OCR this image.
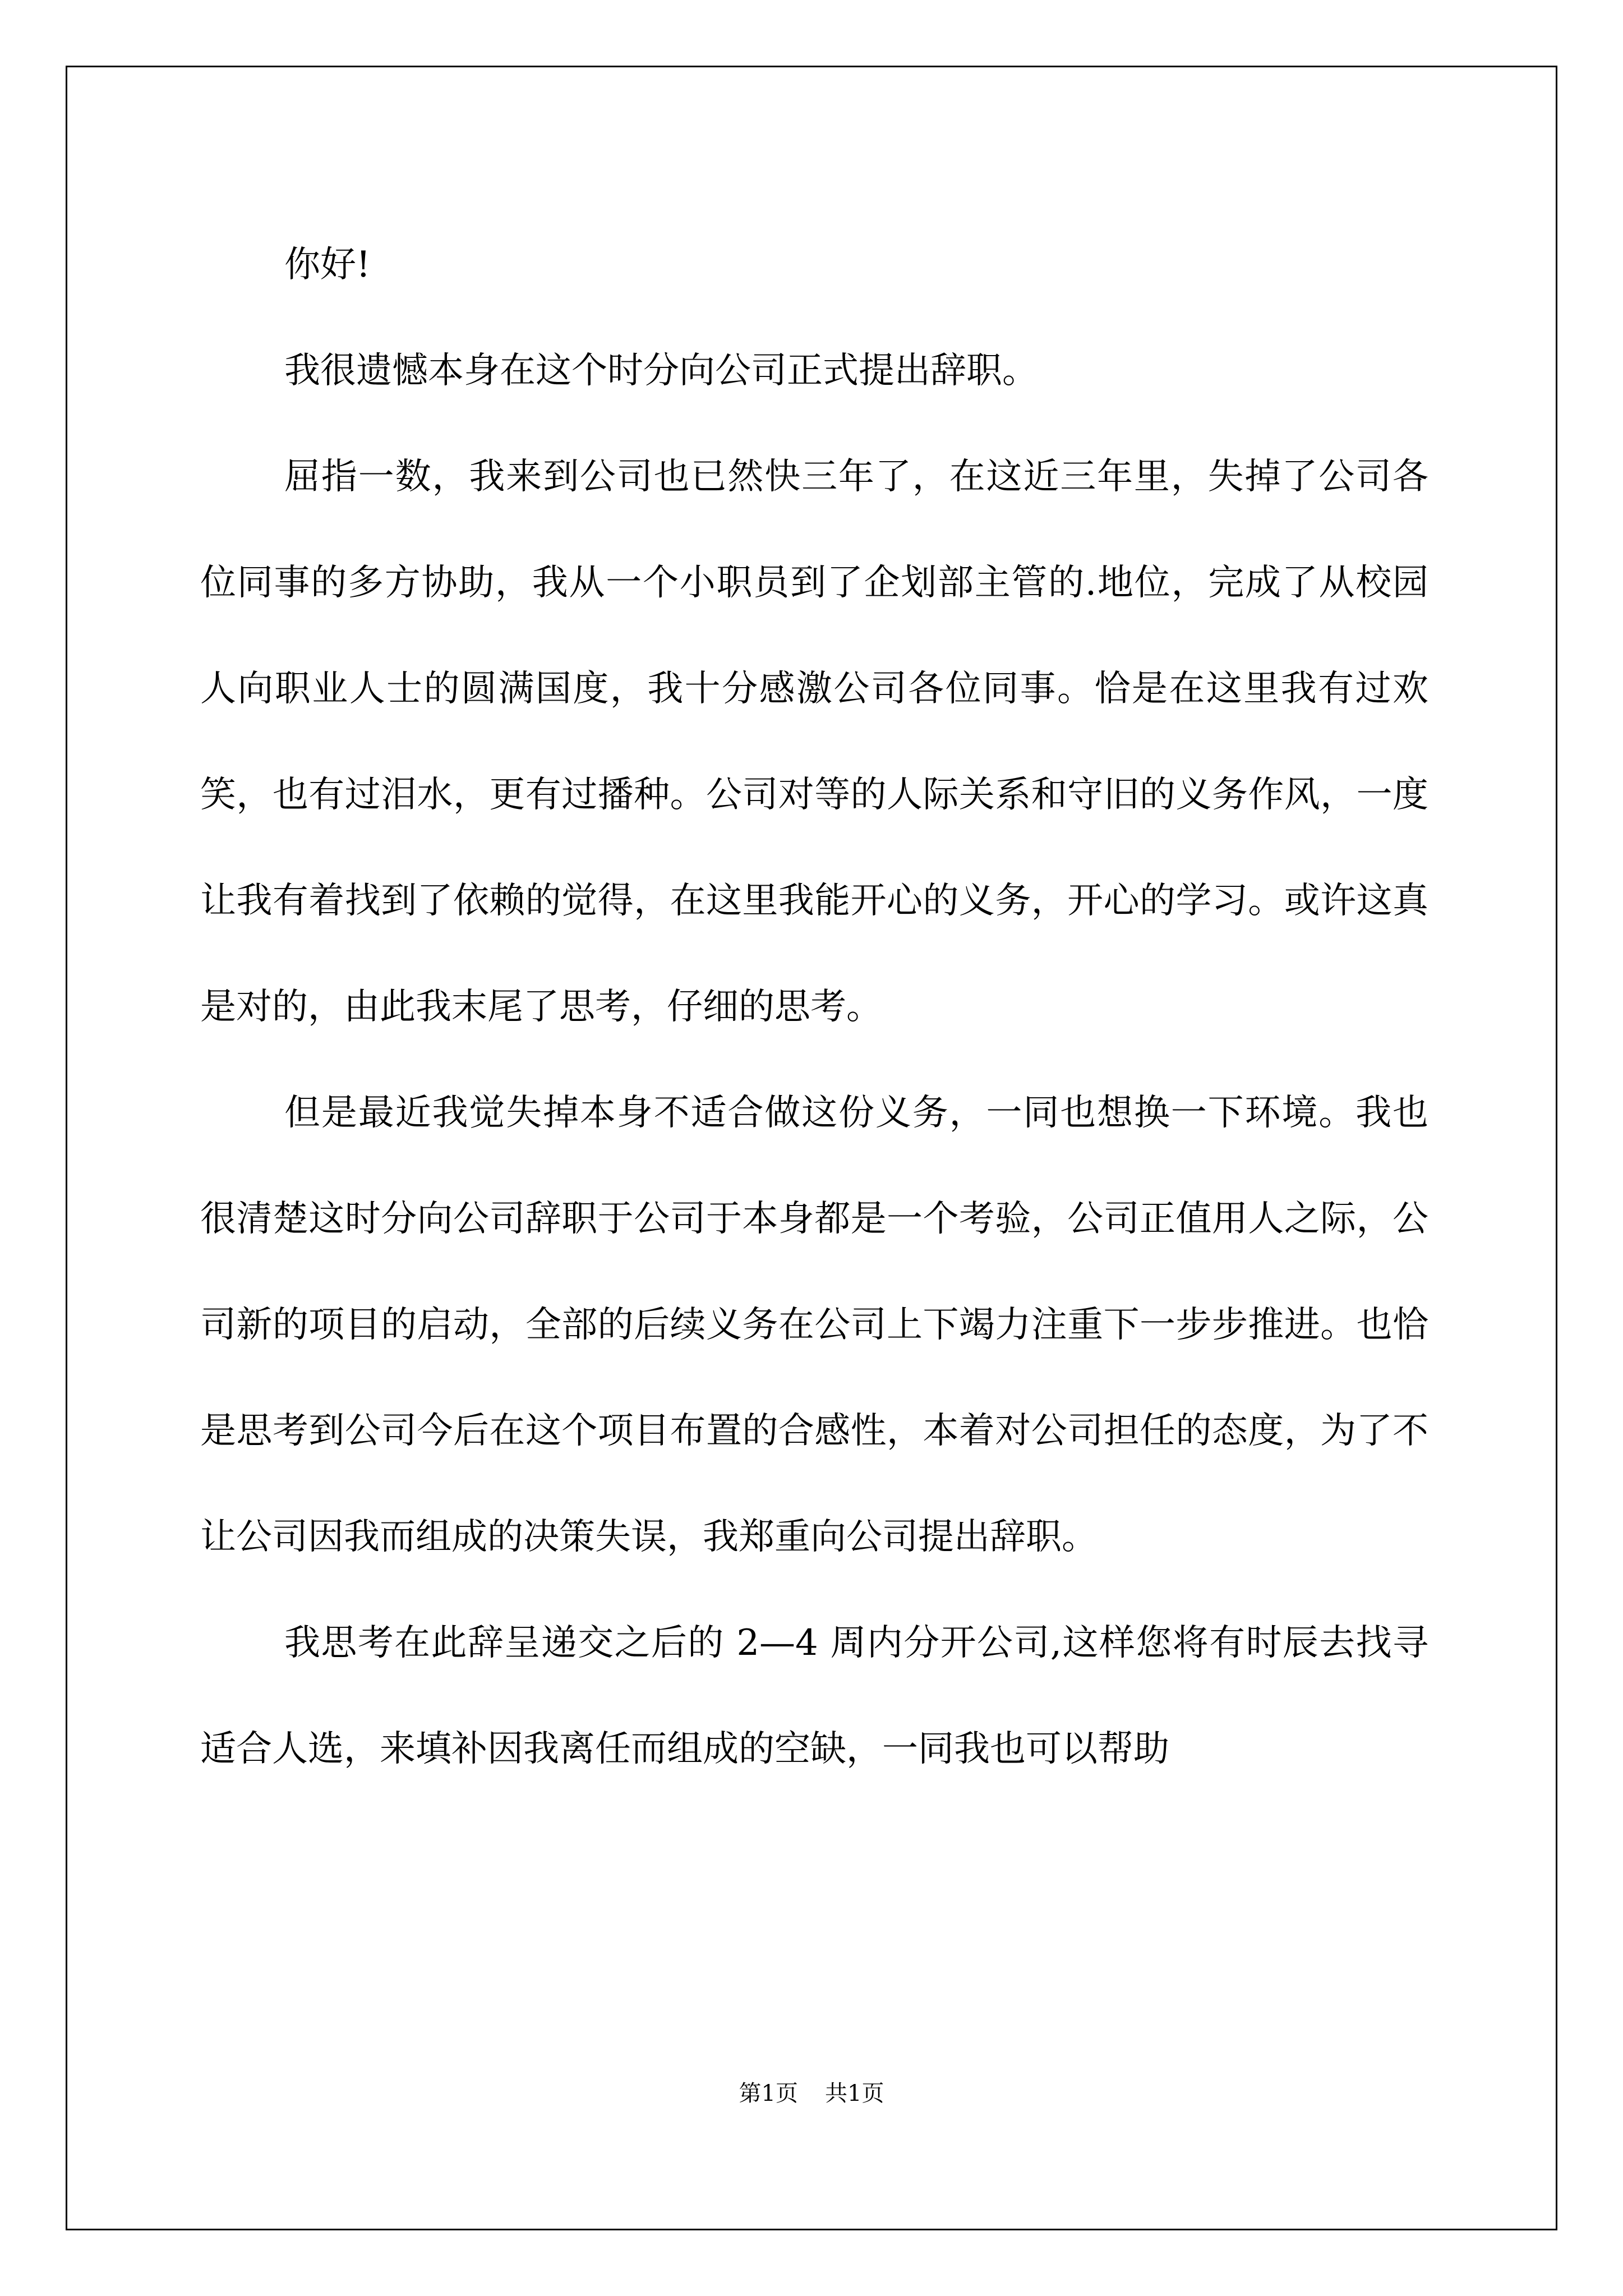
你好!

我很遗憾本身在这个时分向公司正式提出辞职。

屈指一数，我来到公司也已然快三年了，在这近三年里，失掉了公司各位同事的多方协助，我从一个小职员到了企划部主管的.地位，完成了从校园人向职业人士的圆满国度，我十分感激公司各位同事。恰是在这里我有过欢笑，也有过泪水，更有过播种。公司对等的人际关系和守旧的义务作风，一度让我有着找到了依赖的觉得，在这里我能开心的义务，开心的学习。或许这真是对的，由此我末尾了思考，仔细的思考。

但是最近我觉失掉本身不适合做这份义务，一同也想换一下环境。我也很清楚这时分向公司辞职于公司于本身都是一个考验，公司正值用人之际，公司新的项目的启动，全部的后续义务在公司上下竭力注重下一步步推进。也恰是思考到公司今后在这个项目布置的合感性，本着对公司担任的态度，为了不让公司因我而组成的决策失误，我郑重向公司提出辞职。

我思考在此辞呈递交之后的 2—4 周内分开公司,这样您将有时辰去找寻适合人选，来填补因我离任而组成的空缺，一同我也可以帮助

第1页 共1页
